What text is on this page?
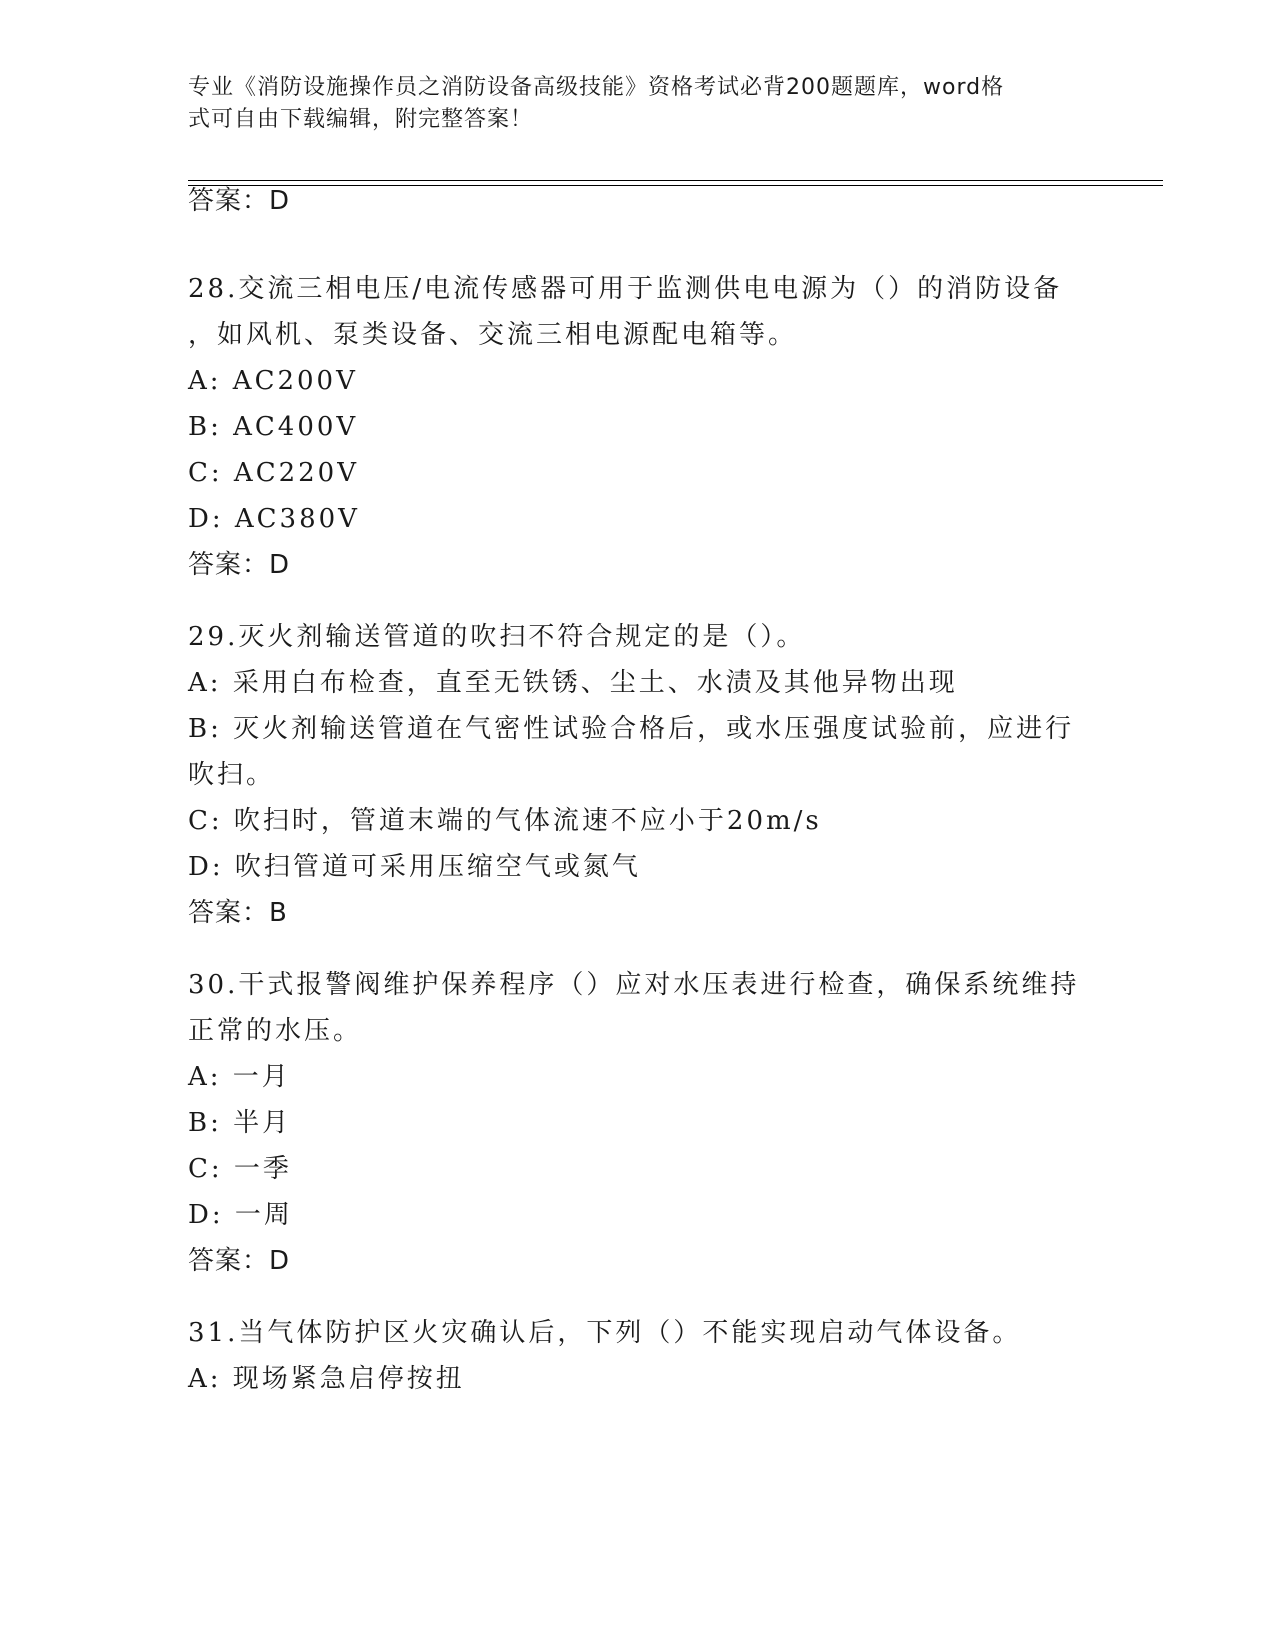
专业《消防设施操作员之消防设备高级技能》资格考试必背200题题库，word格
式可自由下载编辑，附完整答案！
答案：D
28.交流三相电压/电流传感器可用于监测供电电源为（）的消防设备
，如风机、泵类设备、交流三相电源配电箱等。
A: AC200V
B: AC400V
C: AC220V
D: AC380V
答案：D
29.灭火剂输送管道的吹扫不符合规定的是（）。
A: 采用白布检查，直至无铁锈、尘土、水渍及其他异物出现
B: 灭火剂输送管道在气密性试验合格后，或水压强度试验前，应进行
吹扫。
C: 吹扫时，管道末端的气体流速不应小于20m/s
D: 吹扫管道可采用压缩空气或氮气
答案：B
30.干式报警阀维护保养程序（）应对水压表进行检查，确保系统维持
正常的水压。
A: 一月
B: 半月
C: 一季
D: 一周
答案：D
31.当气体防护区火灾确认后，下列（）不能实现启动气体设备。
A: 现场紧急启停按扭
